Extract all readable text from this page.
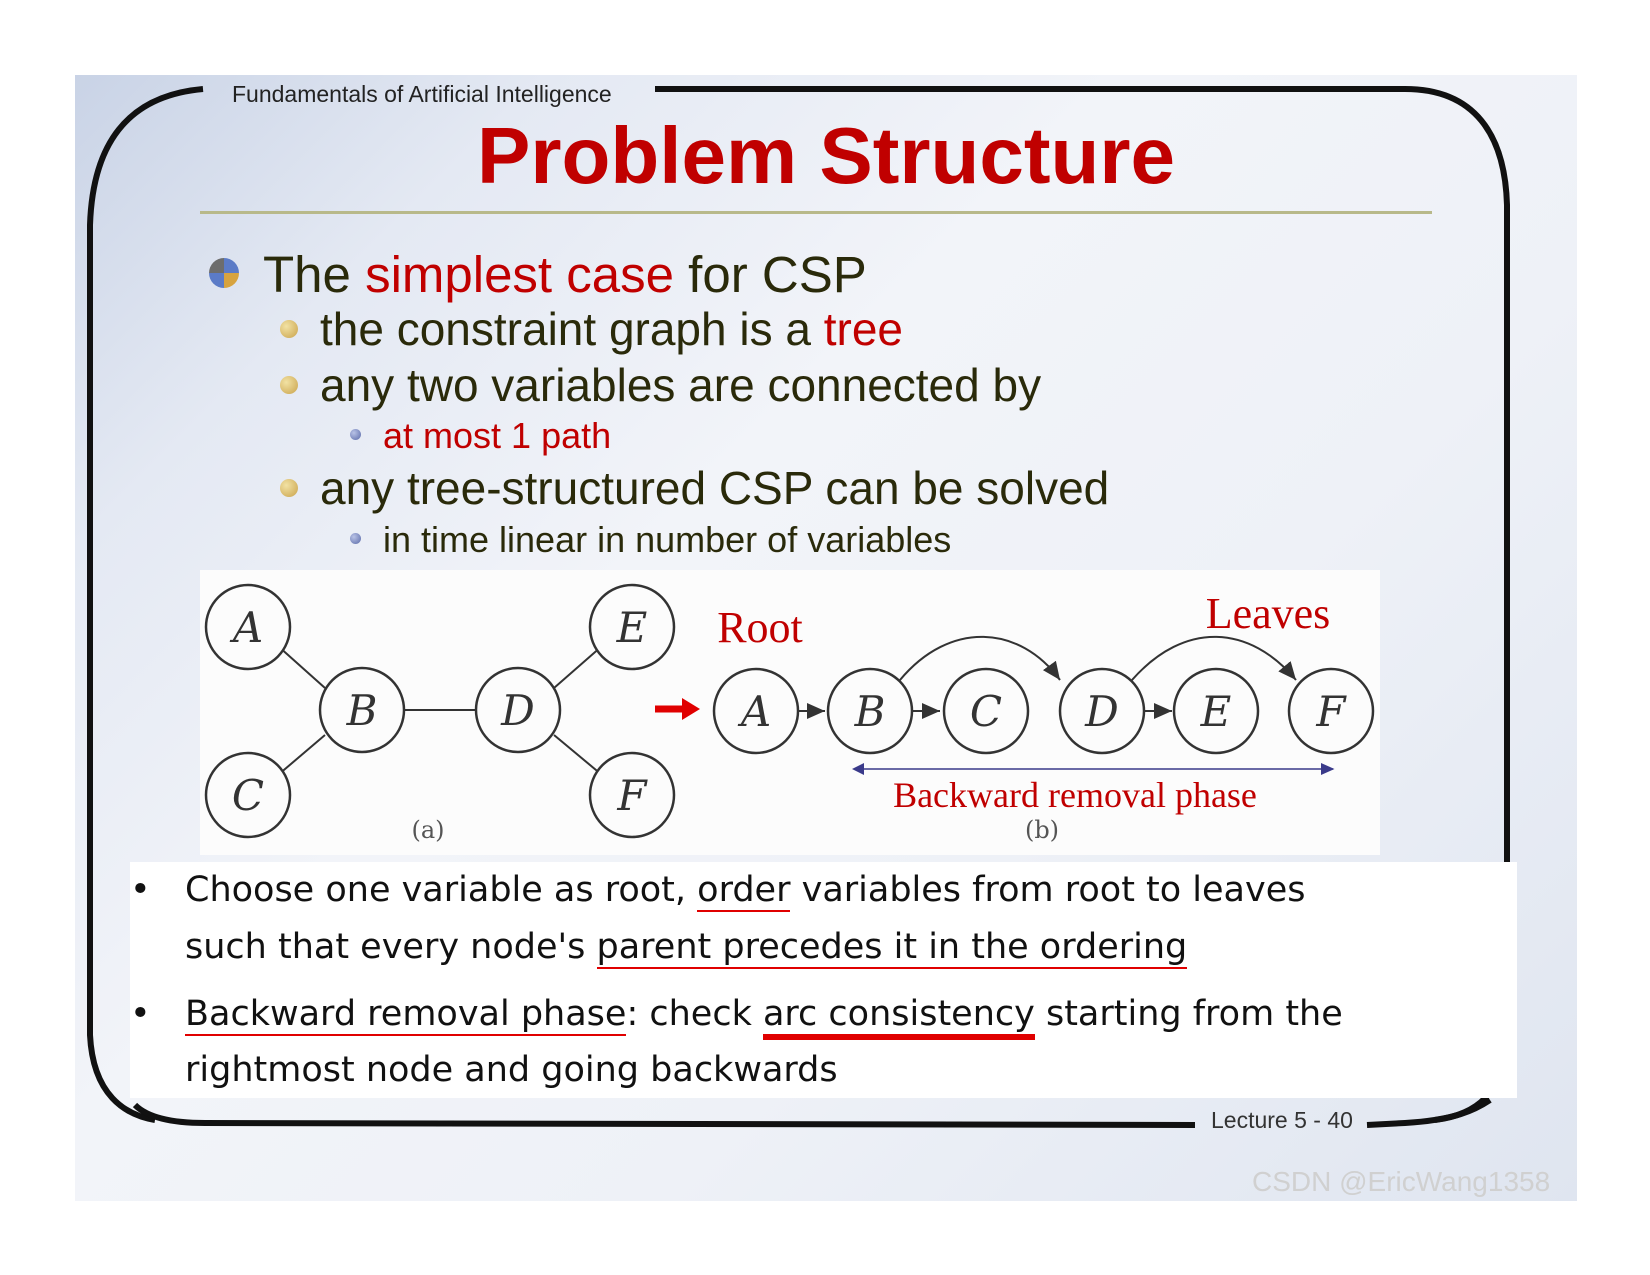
Fundamentals of Artificial Intelligence
Problem Structure
The simplest case for CSP
the constraint graph is a tree
any two variables are connected by
at most 1 path
any tree-structured CSP can be solved
in time linear in number of variables
A
B
C
D
E
F
(a)
Root	Leaves
A B C D E F
Backward removal phase
(b)
• Choose one variable as root, order variables from root to leaves
such that every node's parent precedes it in the ordering
• Backward removal phase: check arc consistency starting from the
rightmost node and going backwards
Lecture 5 - 40
CSDN @EricWang1358
